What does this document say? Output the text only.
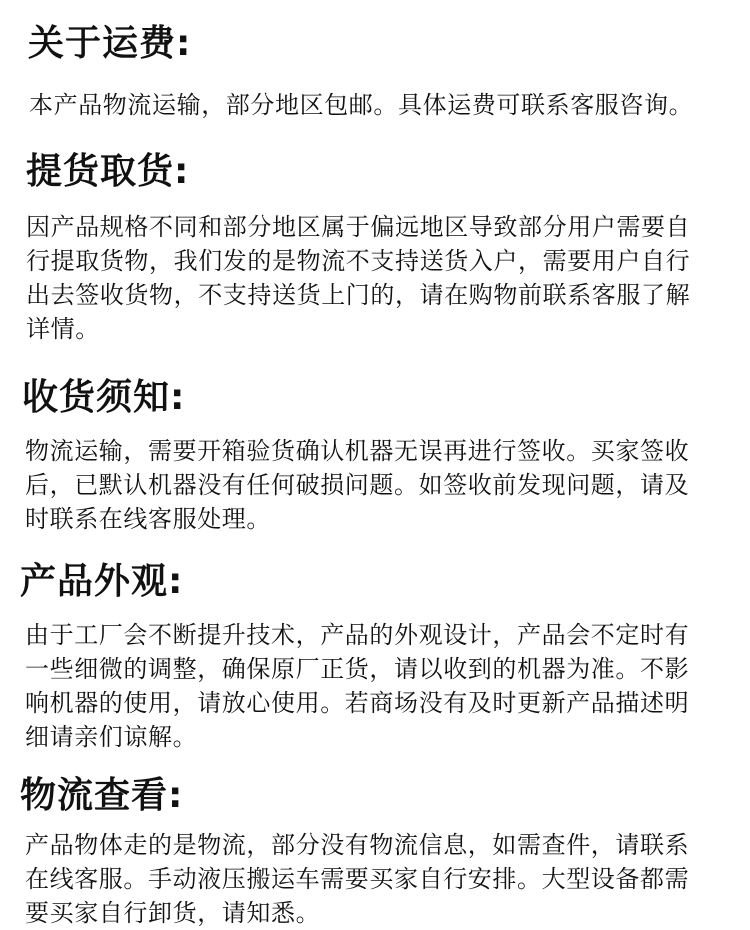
关于运费:

本产品物流运输，部分地区包邮。具体运费可联系客服咨询。

提货取货:

因产品规格不同和部分地区属于偏远地区导致部分用户需要自行提取货物，我们发的是物流不支持送货入户，需要用户自行出去签收货物，不支持送货上门的，请在购物前联系客服了解详情。

收货须知:

物流运输，需要开箱验货确认机器无误再进行签收。买家签收后，已默认机器没有任何破损问题。如签收前发现问题，请及时联系在线客服处理。

产品外观:

由于工厂会不断提升技术，产品的外观设计，产品会不定时有一些细微的调整，确保原厂正货，请以收到的机器为准。不影响机器的使用，请放心使用。若商场没有及时更新产品描述明细请亲们谅解。

物流查看:

产品物体走的是物流，部分没有物流信息，如需查件，请联系在线客服。手动液压搬运车需要买家自行安排。大型设备都需要买家自行卸货，请知悉。
